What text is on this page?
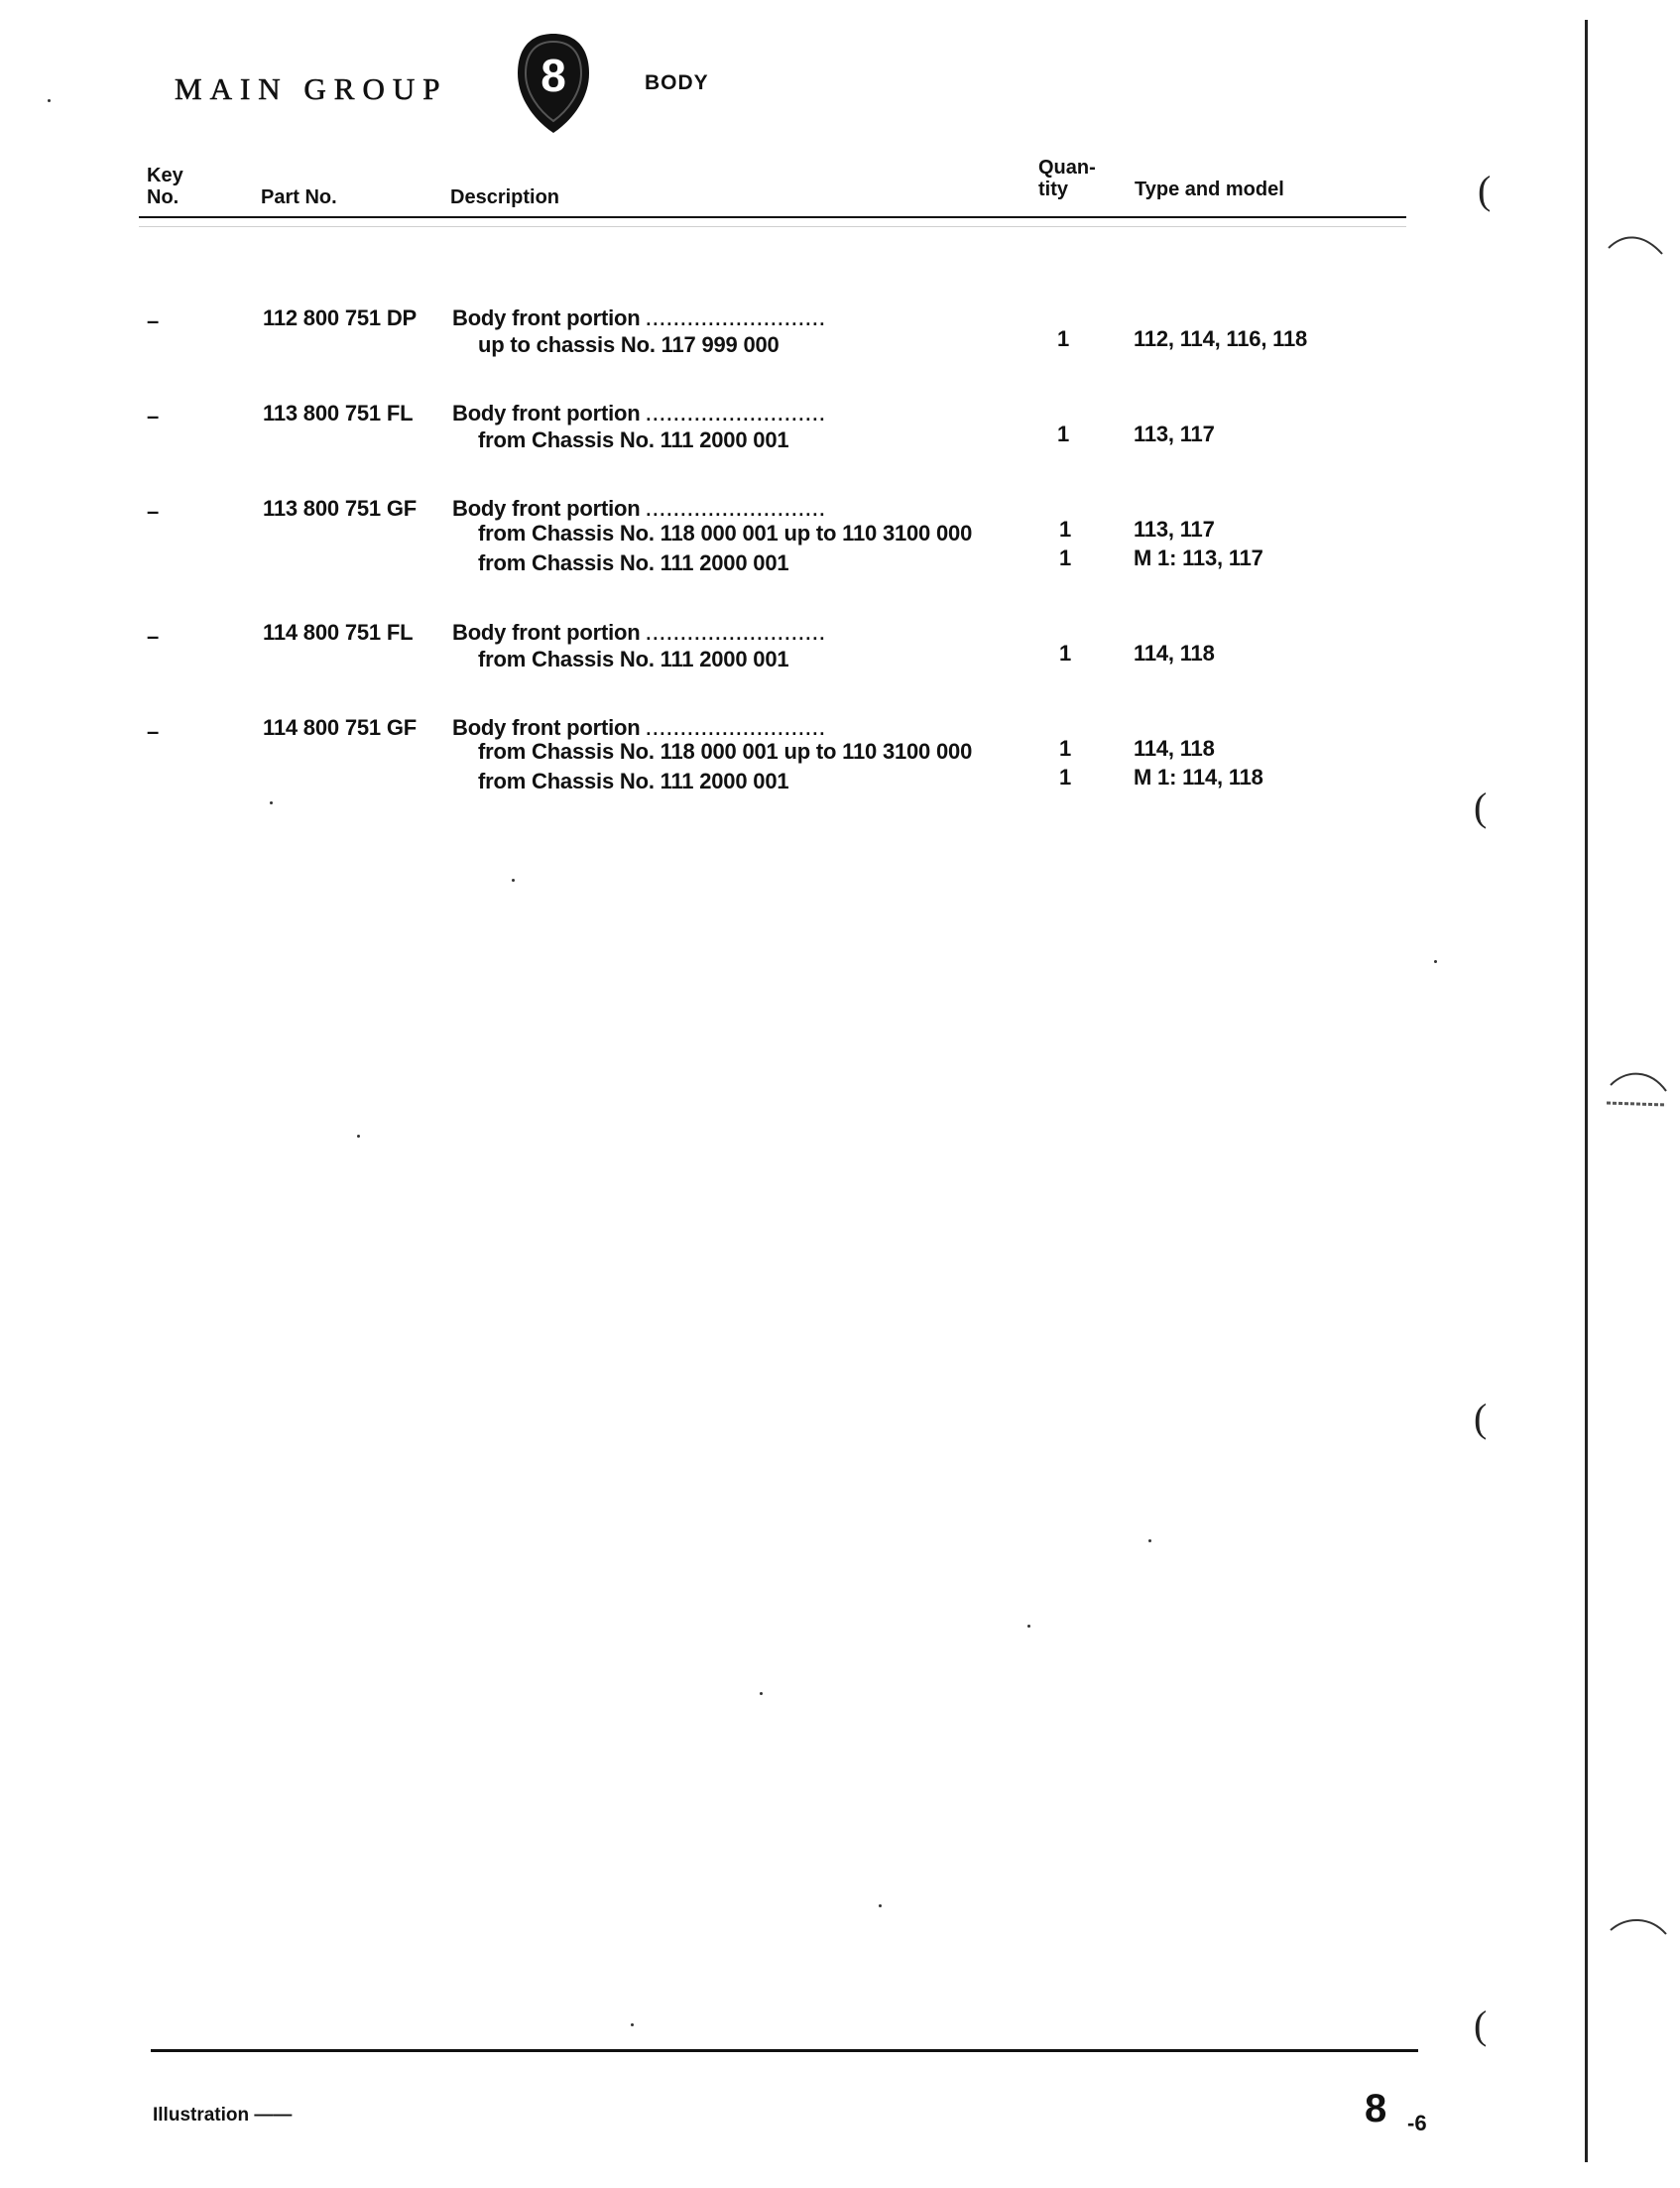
MAIN GROUP 8	BODY
Key
No.	Part No.	Description
Quan-
tity	Type and model
–	112 800 751 DP Body front portion ..........................
up to chassis No. 117 999 000	1	112, 114, 116, 118
–	113 800 751 FL Body front portion ..........................
from Chassis No. 111 2000 001	1	113, 117
–	113 800 751 GF Body front portion ..........................
from Chassis No. 118 000 001 up to 110 3100 000	1	113, 117
from Chassis No. 111 2000 001	1	M 1: 113, 117
–	114 800 751 FL Body front portion ..........................
from Chassis No. 111 2000 001	1	114, 118
–	114 800 751 GF Body front portion ..........................
from Chassis No. 118 000 001 up to 110 3100 000	1	114, 118
from Chassis No. 111 2000 001	1	M 1: 114, 118
Illustration ——	8 -6
(
(
(
(
